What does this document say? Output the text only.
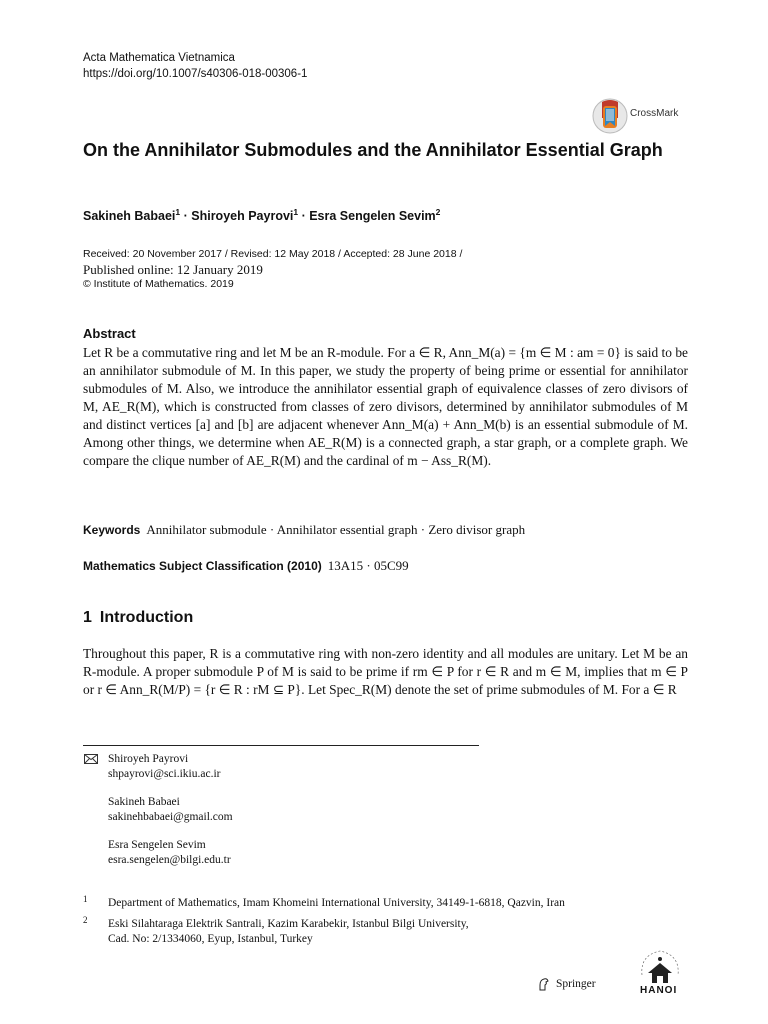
Acta Mathematica Vietnamica
https://doi.org/10.1007/s40306-018-00306-1
CrossMark
On the Annihilator Submodules and the Annihilator Essential Graph
Sakineh Babaei$^1$ · Shiroyeh Payrovi$^1$ · Esra Sengelen Sevim$^2$
Received: 20 November 2017 / Revised: 12 May 2018 / Accepted: 28 June 2018 /
Published online: 12 January 2019
© Institute of Mathematics. 2019
Abstract
Let R be a commutative ring and let M be an R-module. For a ∈ R, Ann_M(a) = {m ∈ M : am = 0} is said to be an annihilator submodule of M. In this paper, we study the property of being prime or essential for annihilator submodules of M. Also, we introduce the annihilator essential graph of equivalence classes of zero divisors of M, AE_R(M), which is constructed from classes of zero divisors, determined by annihilator submodules of M and distinct vertices [a] and [b] are adjacent whenever Ann_M(a) + Ann_M(b) is an essential submodule of M. Among other things, we determine when AE_R(M) is a connected graph, a star graph, or a complete graph. We compare the clique number of AE_R(M) and the cardinal of m − Ass_R(M).
Keywords Annihilator submodule · Annihilator essential graph · Zero divisor graph
Mathematics Subject Classification (2010) 13A15 · 05C99
1 Introduction
Throughout this paper, R is a commutative ring with non-zero identity and all modules are unitary. Let M be an R-module. A proper submodule P of M is said to be prime if rm ∈ P for r ∈ R and m ∈ M, implies that m ∈ P or r ∈ Ann_R(M/P) = {r ∈ R : rM ⊆ P}. Let Spec_R(M) denote the set of prime submodules of M. For a ∈ R
Shiroyeh Payrovi
shpayrovi@sci.ikiu.ac.ir
Sakineh Babaei
sakinehbabaei@gmail.com
Esra Sengelen Sevim
esra.sengelen@bilgi.edu.tr
1 Department of Mathematics, Imam Khomeini International University, 34149-1-6818, Qazvin, Iran
2 Eski Silahtaraga Elektrik Santrali, Kazim Karabekir, Istanbul Bilgi University,
Cad. No: 2/1334060, Eyup, Istanbul, Turkey
Springer
HANOI
